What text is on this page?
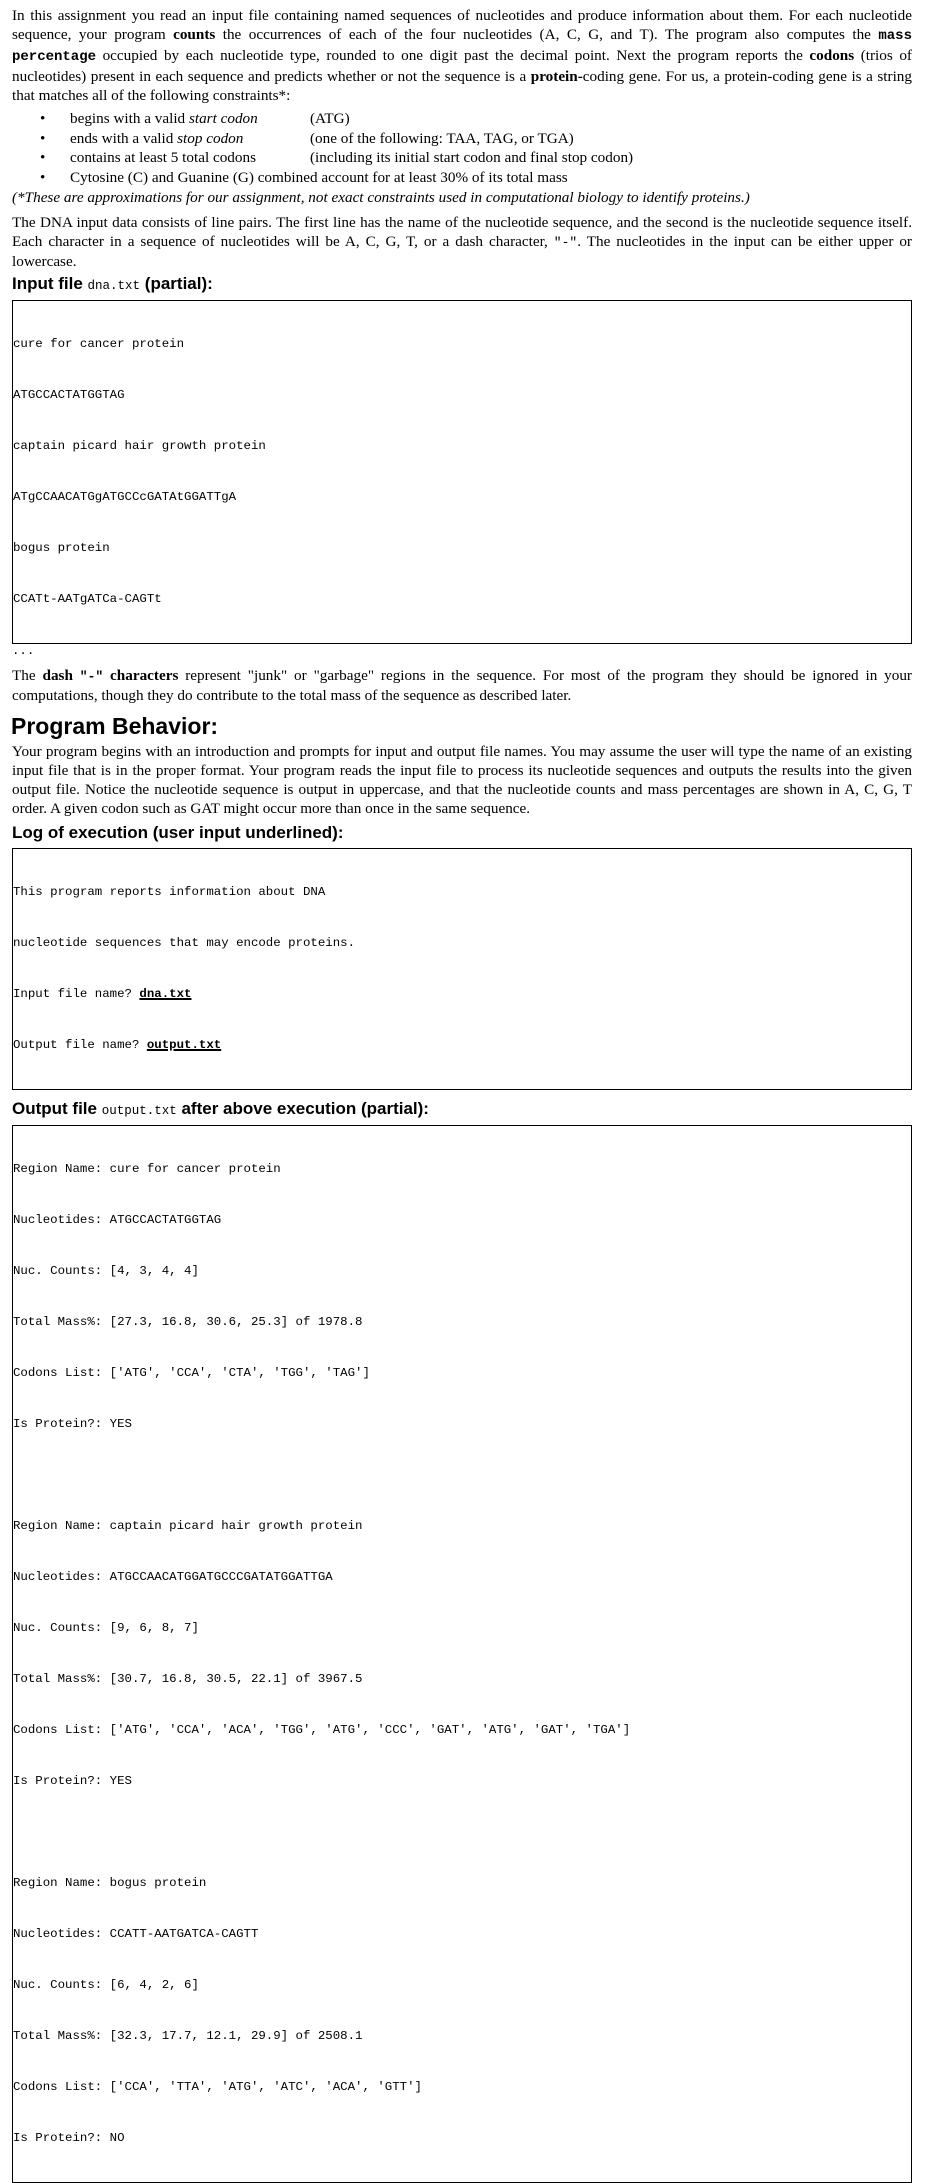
In this assignment you read an input file containing named sequences of nucleotides and produce information about them. For each nucleotide sequence, your program counts the occurrences of each of the four nucleotides (A, C, G, and T). The program also computes the mass percentage occupied by each nucleotide type, rounded to one digit past the decimal point. Next the program reports the codons (trios of nucleotides) present in each sequence and predicts whether or not the sequence is a protein-coding gene. For us, a protein-coding gene is a string that matches all of the following constraints*:

• begins with a valid start codon	(ATG)
• ends with a valid stop codon	(one of the following: TAA, TAG, or TGA)
• contains at least 5 total codons	(including its initial start codon and final stop codon)
• Cytosine (C) and Guanine (G) combined account for at least 30% of its total mass

(*These are approximations for our assignment, not exact constraints used in computational biology to identify proteins.)

The DNA input data consists of line pairs. The first line has the name of the nucleotide sequence, and the second is the nucleotide sequence itself. Each character in a sequence of nucleotides will be A, C, G, T, or a dash character, "-". The nucleotides in the input can be either upper or lowercase.

Input file dna.txt (partial):

cure for cancer protein

ATGCCACTATGGTAG

captain picard hair growth protein

ATgCCAACATGgATGCCcGATAtGGATTgA

bogus protein

CCATt-AATgATCa-CAGTt

...

The dash "-" characters represent "junk" or "garbage" regions in the sequence. For most of the program they should be ignored in your computations, though they do contribute to the total mass of the sequence as described later.

Program Behavior:

Your program begins with an introduction and prompts for input and output file names. You may assume the user will type the name of an existing input file that is in the proper format. Your program reads the input file to process its nucleotide sequences and outputs the results into the given output file. Notice the nucleotide sequence is output in uppercase, and that the nucleotide counts and mass percentages are shown in A, C, G, T order. A given codon such as GAT might occur more than once in the same sequence.

Log of execution (user input underlined):

This program reports information about DNA

nucleotide sequences that may encode proteins.

Input file name? dna.txt

Output file name? output.txt

Output file output.txt after above execution (partial):

Region Name: cure for cancer protein

Nucleotides: ATGCCACTATGGTAG

Nuc. Counts: [4, 3, 4, 4]

Total Mass%: [27.3, 16.8, 30.6, 25.3] of 1978.8

Codons List: ['ATG', 'CCA', 'CTA', 'TGG', 'TAG']

Is Protein?: YES

Region Name: captain picard hair growth protein

Nucleotides: ATGCCAACATGGATGCCCGATATGGATTGA

Nuc. Counts: [9, 6, 8, 7]

Total Mass%: [30.7, 16.8, 30.5, 22.1] of 3967.5

Codons List: ['ATG', 'CCA', 'ACA', 'TGG', 'ATG', 'CCC', 'GAT', 'ATG', 'GAT', 'TGA']

Is Protein?: YES

Region Name: bogus protein

Nucleotides: CCATT-AATGATCA-CAGTT

Nuc. Counts: [6, 4, 2, 6]

Total Mass%: [32.3, 17.7, 12.1, 29.9] of 2508.1

Codons List: ['CCA', 'TTA', 'ATG', 'ATC', 'ACA', 'GTT']

Is Protein?: NO
